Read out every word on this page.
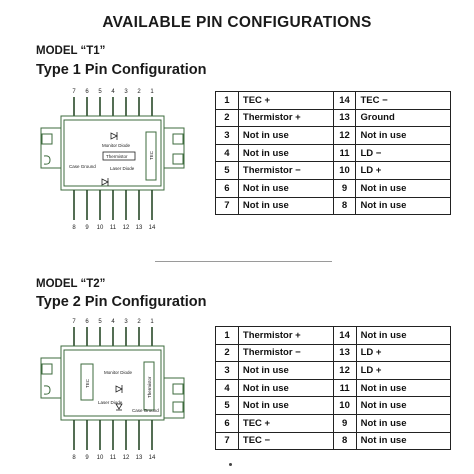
AVAILABLE PIN CONFIGURATIONS
MODEL “T1”
Type 1 Pin Configuration
7 6 5 4 3 2 1
Monitor Diode
Thermistor
Laser Diode
Case Ground
TEC
8 9 10 11 12 13 14
1	TEC +	14	TEC −
2	Thermistor +	13	Ground
3	Not in use	12	Not in use
4	Not in use	11	LD −
5	Thermistor −	10	LD +
6	Not in use	9	Not in use
7	Not in use	8	Not in use
MODEL “T2”
Type 2 Pin Configuration
7 6 5 4 3 2 1
TEC	Thermistor
Monitor Diode
Laser Diode
Case Ground
8 9 10 11 12 13 14
1	Thermistor +	14	Not in use
2	Thermistor −	13	LD +
3	Not in use	12	LD +
4	Not in use	11	Not in use
5	Not in use	10	Not in use
6	TEC +	9	Not in use
7	TEC −	8	Not in use
